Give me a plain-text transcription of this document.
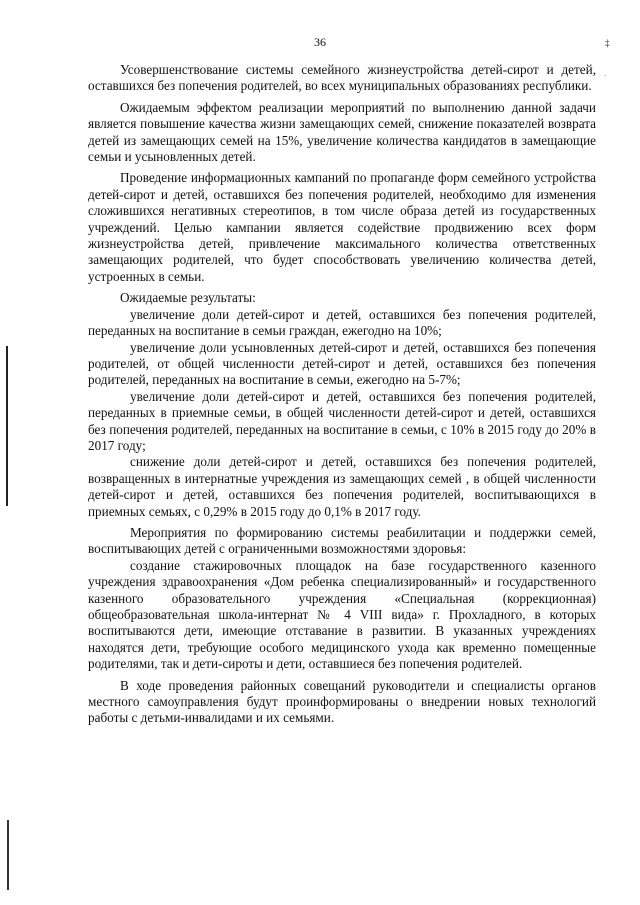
36	‡
·

Усовершенствование системы семейного жизнеустройства детей-сирот и детей, оставшихся без попечения родителей, во всех муниципальных образованиях республики.

Ожидаемым эффектом реализации мероприятий по выполнению данной задачи является повышение качества жизни замещающих семей, снижение показателей возврата детей из замещающих семей на 15%, увеличение количества кандидатов в замещающие семьи и усыновленных детей.

Проведение информационных кампаний по пропаганде форм семейного устройства детей-сирот и детей, оставшихся без попечения родителей, необходимо для изменения сложившихся негативных стереотипов, в том числе образа детей из государственных учреждений. Целью кампании является содействие продвижению всех форм жизнеустройства детей, привлечение максимального количества ответственных замещающих родителей, что будет способствовать увеличению количества детей, устроенных в семьи.

Ожидаемые результаты:

увеличение доли детей-сирот и детей, оставшихся без попечения родителей, переданных на воспитание в семьи граждан, ежегодно на 10%;

увеличение доли усыновленных детей-сирот и детей, оставшихся без попечения родителей, от общей численности детей-сирот и детей, оставшихся без попечения родителей, переданных на воспитание в семьи, ежегодно на 5-7%;

увеличение доли детей-сирот и детей, оставшихся без попечения родителей, переданных в приемные семьи, в общей численности детей-сирот и детей, оставшихся без попечения родителей, переданных на воспитание в семьи, с 10% в 2015 году до 20% в 2017 году;

снижение доли детей-сирот и детей, оставшихся без попечения родителей, возвращенных в интернатные учреждения из замещающих семей , в общей численности детей-сирот и детей, оставшихся без попечения родителей, воспитывающихся в приемных семьях, с 0,29% в 2015 году до 0,1% в 2017 году.

Мероприятия по формированию системы реабилитации и поддержки семей, воспитывающих детей с ограниченными возможностями здоровья:

создание стажировочных площадок на базе государственного казенного учреждения здравоохранения «Дом ребенка специализированный» и государственного казенного образовательного учреждения «Специальная (коррекционная) общеобразовательная школа-интернат № 4 VIII вида» г. Прохладного, в которых воспитываются дети, имеющие отставание в развитии. В указанных учреждениях находятся дети, требующие особого медицинского ухода как временно помещенные родителями, так и дети-сироты и дети, оставшиеся без попечения родителей.

В ходе проведения районных совещаний руководители и специалисты органов местного самоуправления будут проинформированы о внедрении новых технологий работы с детьми-инвалидами и их семьями.
